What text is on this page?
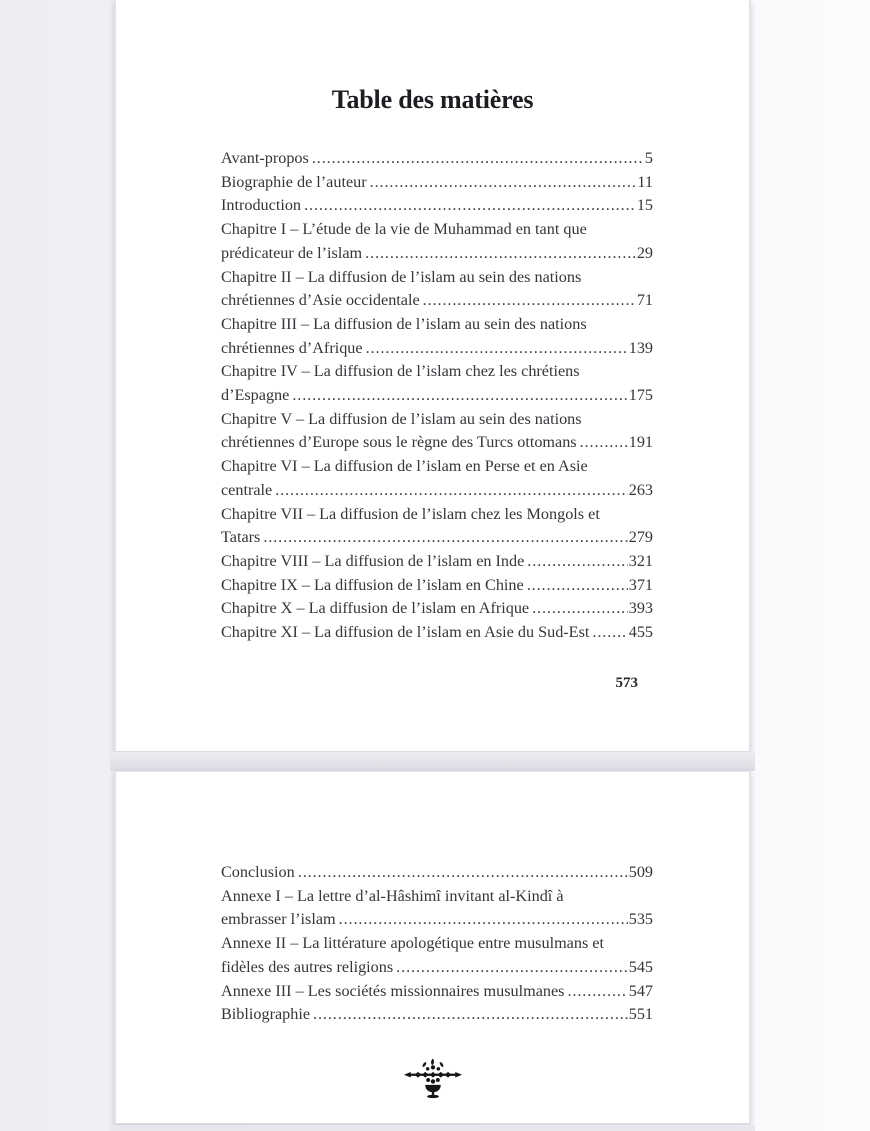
Table des matières
Avant-propos .....	5
Biographie de l’auteur .....	11
Introduction .....	15
Chapitre I – L’étude de la vie de Muhammad en tant que
prédicateur de l’islam .....	29
Chapitre II – La diffusion de l’islam au sein des nations
chrétiennes d’Asie occidentale .....	71
Chapitre III – La diffusion de l’islam au sein des nations
chrétiennes d’Afrique .....	139
Chapitre IV – La diffusion de l’islam chez les chrétiens
d’Espagne .....	175
Chapitre V – La diffusion de l’islam au sein des nations
chrétiennes d’Europe sous le règne des Turcs ottomans .....	191
Chapitre VI – La diffusion de l’islam en Perse et en Asie
centrale .....	263
Chapitre VII – La diffusion de l’islam chez les Mongols et
Tatars .....	279
Chapitre VIII – La diffusion de l’islam en Inde .....	321
Chapitre IX – La diffusion de l’islam en Chine .....	371
Chapitre X – La diffusion de l’islam en Afrique .....	393
Chapitre XI – La diffusion de l’islam en Asie du Sud-Est ..... 455
573
Conclusion .....	509
Annexe I – La lettre d’al-Hâshimî invitant al-Kindî à
embrasser l’islam .....	535
Annexe II – La littérature apologétique entre musulmans et
fidèles des autres religions .....	545
Annexe III – Les sociétés missionnaires musulmanes .....	547
Bibliographie .....	551
